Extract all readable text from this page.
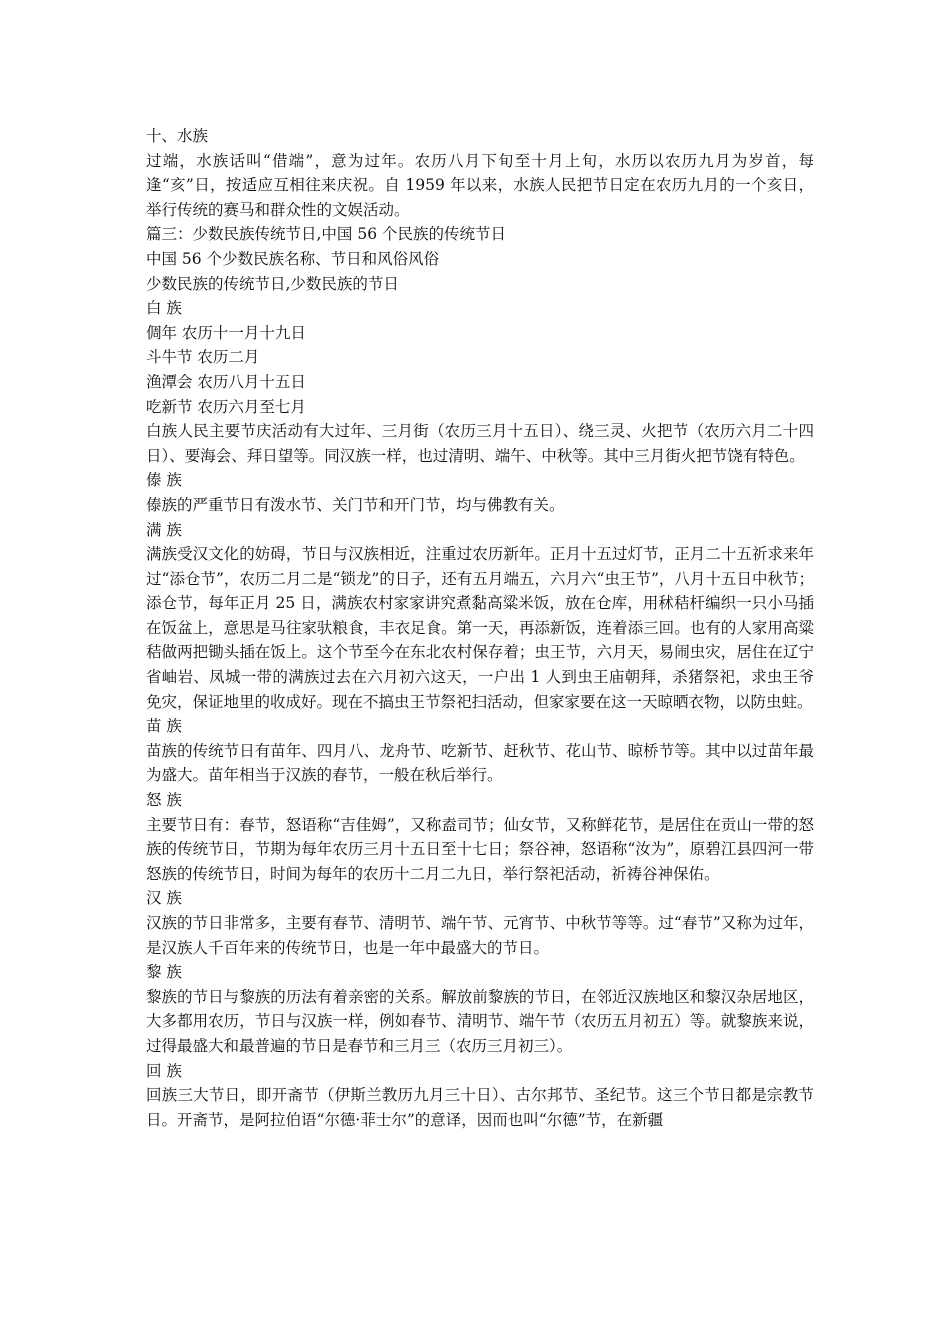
十、水族

过端，水族话叫“借端”，意为过年。农历八月下旬至十月上旬，水历以农历九月为岁首，每逢“亥”日，按适应互相往来庆祝。自 1959 年以来，水族人民把节日定在农历九月的一个亥日，举行传统的赛马和群众性的文娱活动。

篇三：少数民族传统节日,中国 56 个民族的传统节日

中国 56 个少数民族名称、节日和风俗风俗

少数民族的传统节日,少数民族的节日

白 族

倜年 农历十一月十九日

斗牛节 农历二月

渔潭会 农历八月十五日

吃新节 农历六月至七月

白族人民主要节庆活动有大过年、三月街（农历三月十五日）、绕三灵、火把节（农历六月二十四日）、要海会、拜日望等。同汉族一样，也过清明、端午、中秋等。其中三月街火把节饶有特色。

傣 族

傣族的严重节日有泼水节、关门节和开门节，均与佛教有关。

满 族

满族受汉文化的妨碍，节日与汉族相近，注重过农历新年。正月十五过灯节，正月二十五祈求来年过“添仓节”，农历二月二是“锁龙”的日子，还有五月端五，六月六“虫王节”，八月十五日中秋节；添仓节，每年正月 25 日，满族农村家家讲究煮黏高粱米饭，放在仓库，用秫秸杆编织一只小马插在饭盆上，意思是马往家驮粮食，丰衣足食。第一天，再添新饭，连着添三回。也有的人家用高粱秸做两把锄头插在饭上。这个节至今在东北农村保存着；虫王节，六月天，易闹虫灾，居住在辽宁省岫岩、凤城一带的满族过去在六月初六这天，一户出 1 人到虫王庙朝拜，杀猪祭祀，求虫王爷免灾，保证地里的收成好。现在不搞虫王节祭祀扫活动，但家家要在这一天晾晒衣物，以防虫蛀。

苗 族

苗族的传统节日有苗年、四月八、龙舟节、吃新节、赶秋节、花山节、晾桥节等。其中以过苗年最为盛大。苗年相当于汉族的春节，一般在秋后举行。

怒 族

主要节日有：春节，怒语称“吉佳姆”，又称盍司节；仙女节，又称鲜花节，是居住在贡山一带的怒族的传统节日，节期为每年农历三月十五日至十七日；祭谷神，怒语称“汝为”，原碧江县四河一带怒族的传统节日，时间为每年的农历十二月二九日，举行祭祀活动，祈祷谷神保佑。

汉 族

汉族的节日非常多，主要有春节、清明节、端午节、元宵节、中秋节等等。过“春节”又称为过年，是汉族人千百年来的传统节日，也是一年中最盛大的节日。

黎 族

黎族的节日与黎族的历法有着亲密的关系。解放前黎族的节日，在邻近汉族地区和黎汉杂居地区，大多都用农历，节日与汉族一样，例如春节、清明节、端午节（农历五月初五）等。就黎族来说，过得最盛大和最普遍的节日是春节和三月三（农历三月初三）。

回 族

回族三大节日，即开斋节（伊斯兰教历九月三十日）、古尔邦节、圣纪节。这三个节日都是宗教节日。开斋节，是阿拉伯语“尔德·菲士尔”的意译，因而也叫“尔德”节，在新疆
